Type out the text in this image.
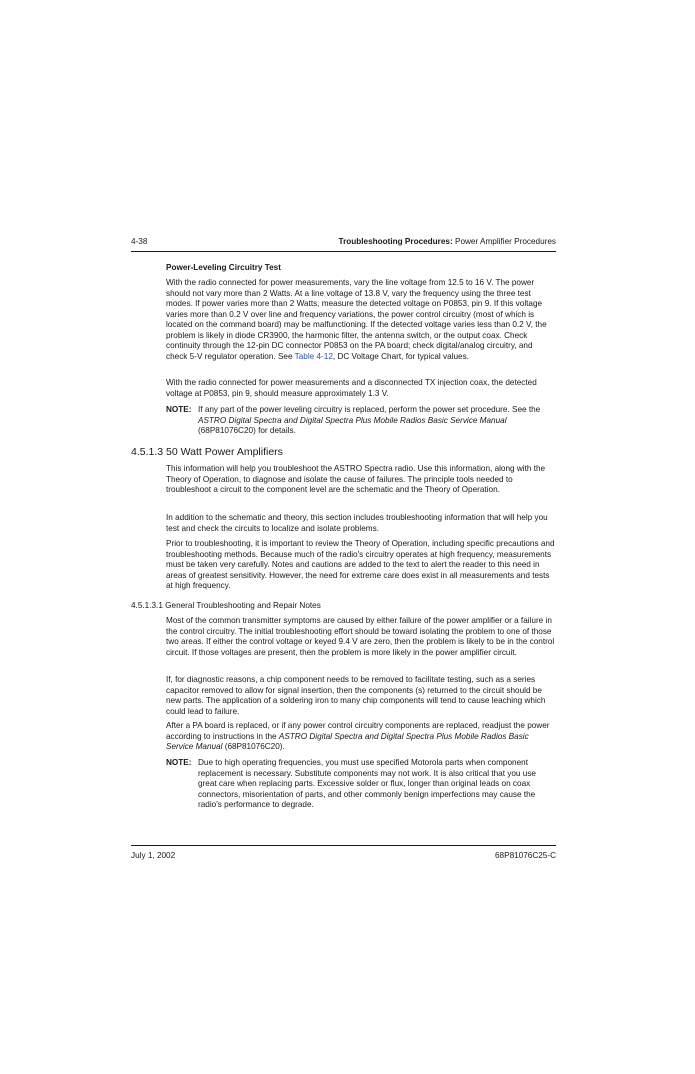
4-38	Troubleshooting Procedures: Power Amplifier Procedures
Power-Leveling Circuitry Test

With the radio connected for power measurements, vary the line voltage from 12.5 to 16 V. The power should not vary more than 2 Watts. At a line voltage of 13.8 V, vary the frequency using the three test modes. If power varies more than 2 Watts, measure the detected voltage on P0853, pin 9. If this voltage varies more than 0.2 V over line and frequency variations, the power control circuitry (most of which is located on the command board) may be malfunctioning. If the detected voltage varies less than 0.2 V, the problem is likely in diode CR3900, the harmonic filter, the antenna switch, or the output coax. Check continuity through the 12-pin DC connector P0853 on the PA board; check digital/analog circuitry, and check 5-V regulator operation. See Table 4-12, DC Voltage Chart, for typical values.

With the radio connected for power measurements and a disconnected TX injection coax, the detected voltage at P0853, pin 9, should measure approximately 1.3 V.

NOTE: If any part of the power leveling circuitry is replaced, perform the power set procedure. See the ASTRO Digital Spectra and Digital Spectra Plus Mobile Radios Basic Service Manual (68P81076C20) for details.

4.5.1.3 50 Watt Power Amplifiers

This information will help you troubleshoot the ASTRO Spectra radio. Use this information, along with the Theory of Operation, to diagnose and isolate the cause of failures. The principle tools needed to troubleshoot a circuit to the component level are the schematic and the Theory of Operation.

In addition to the schematic and theory, this section includes troubleshooting information that will help you test and check the circuits to localize and isolate problems.

Prior to troubleshooting, it is important to review the Theory of Operation, including specific precautions and troubleshooting methods. Because much of the radio's circuitry operates at high frequency, measurements must be taken very carefully. Notes and cautions are added to the text to alert the reader to this need in areas of greatest sensitivity. However, the need for extreme care does exist in all measurements and tests at high frequency.

4.5.1.3.1 General Troubleshooting and Repair Notes

Most of the common transmitter symptoms are caused by either failure of the power amplifier or a failure in the control circuitry. The initial troubleshooting effort should be toward isolating the problem to one of those two areas. If either the control voltage or keyed 9.4 V are zero, then the problem is likely to be in the control circuit. If those voltages are present, then the problem is more likely in the power amplifier circuit.

If, for diagnostic reasons, a chip component needs to be removed to facilitate testing, such as a series capacitor removed to allow for signal insertion, then the components (s) returned to the circuit should be new parts. The application of a soldering iron to many chip components will tend to cause leaching which could lead to failure.

After a PA board is replaced, or if any power control circuitry components are replaced, readjust the power according to instructions in the ASTRO Digital Spectra and Digital Spectra Plus Mobile Radios Basic Service Manual (68P81076C20).

NOTE: Due to high operating frequencies, you must use specified Motorola parts when component replacement is necessary. Substitute components may not work. It is also critical that you use great care when replacing parts. Excessive solder or flux, longer than original leads on coax connectors, misorientation of parts, and other commonly benign imperfections may cause the radio's performance to degrade.

July 1, 2002	68P81076C25-C
